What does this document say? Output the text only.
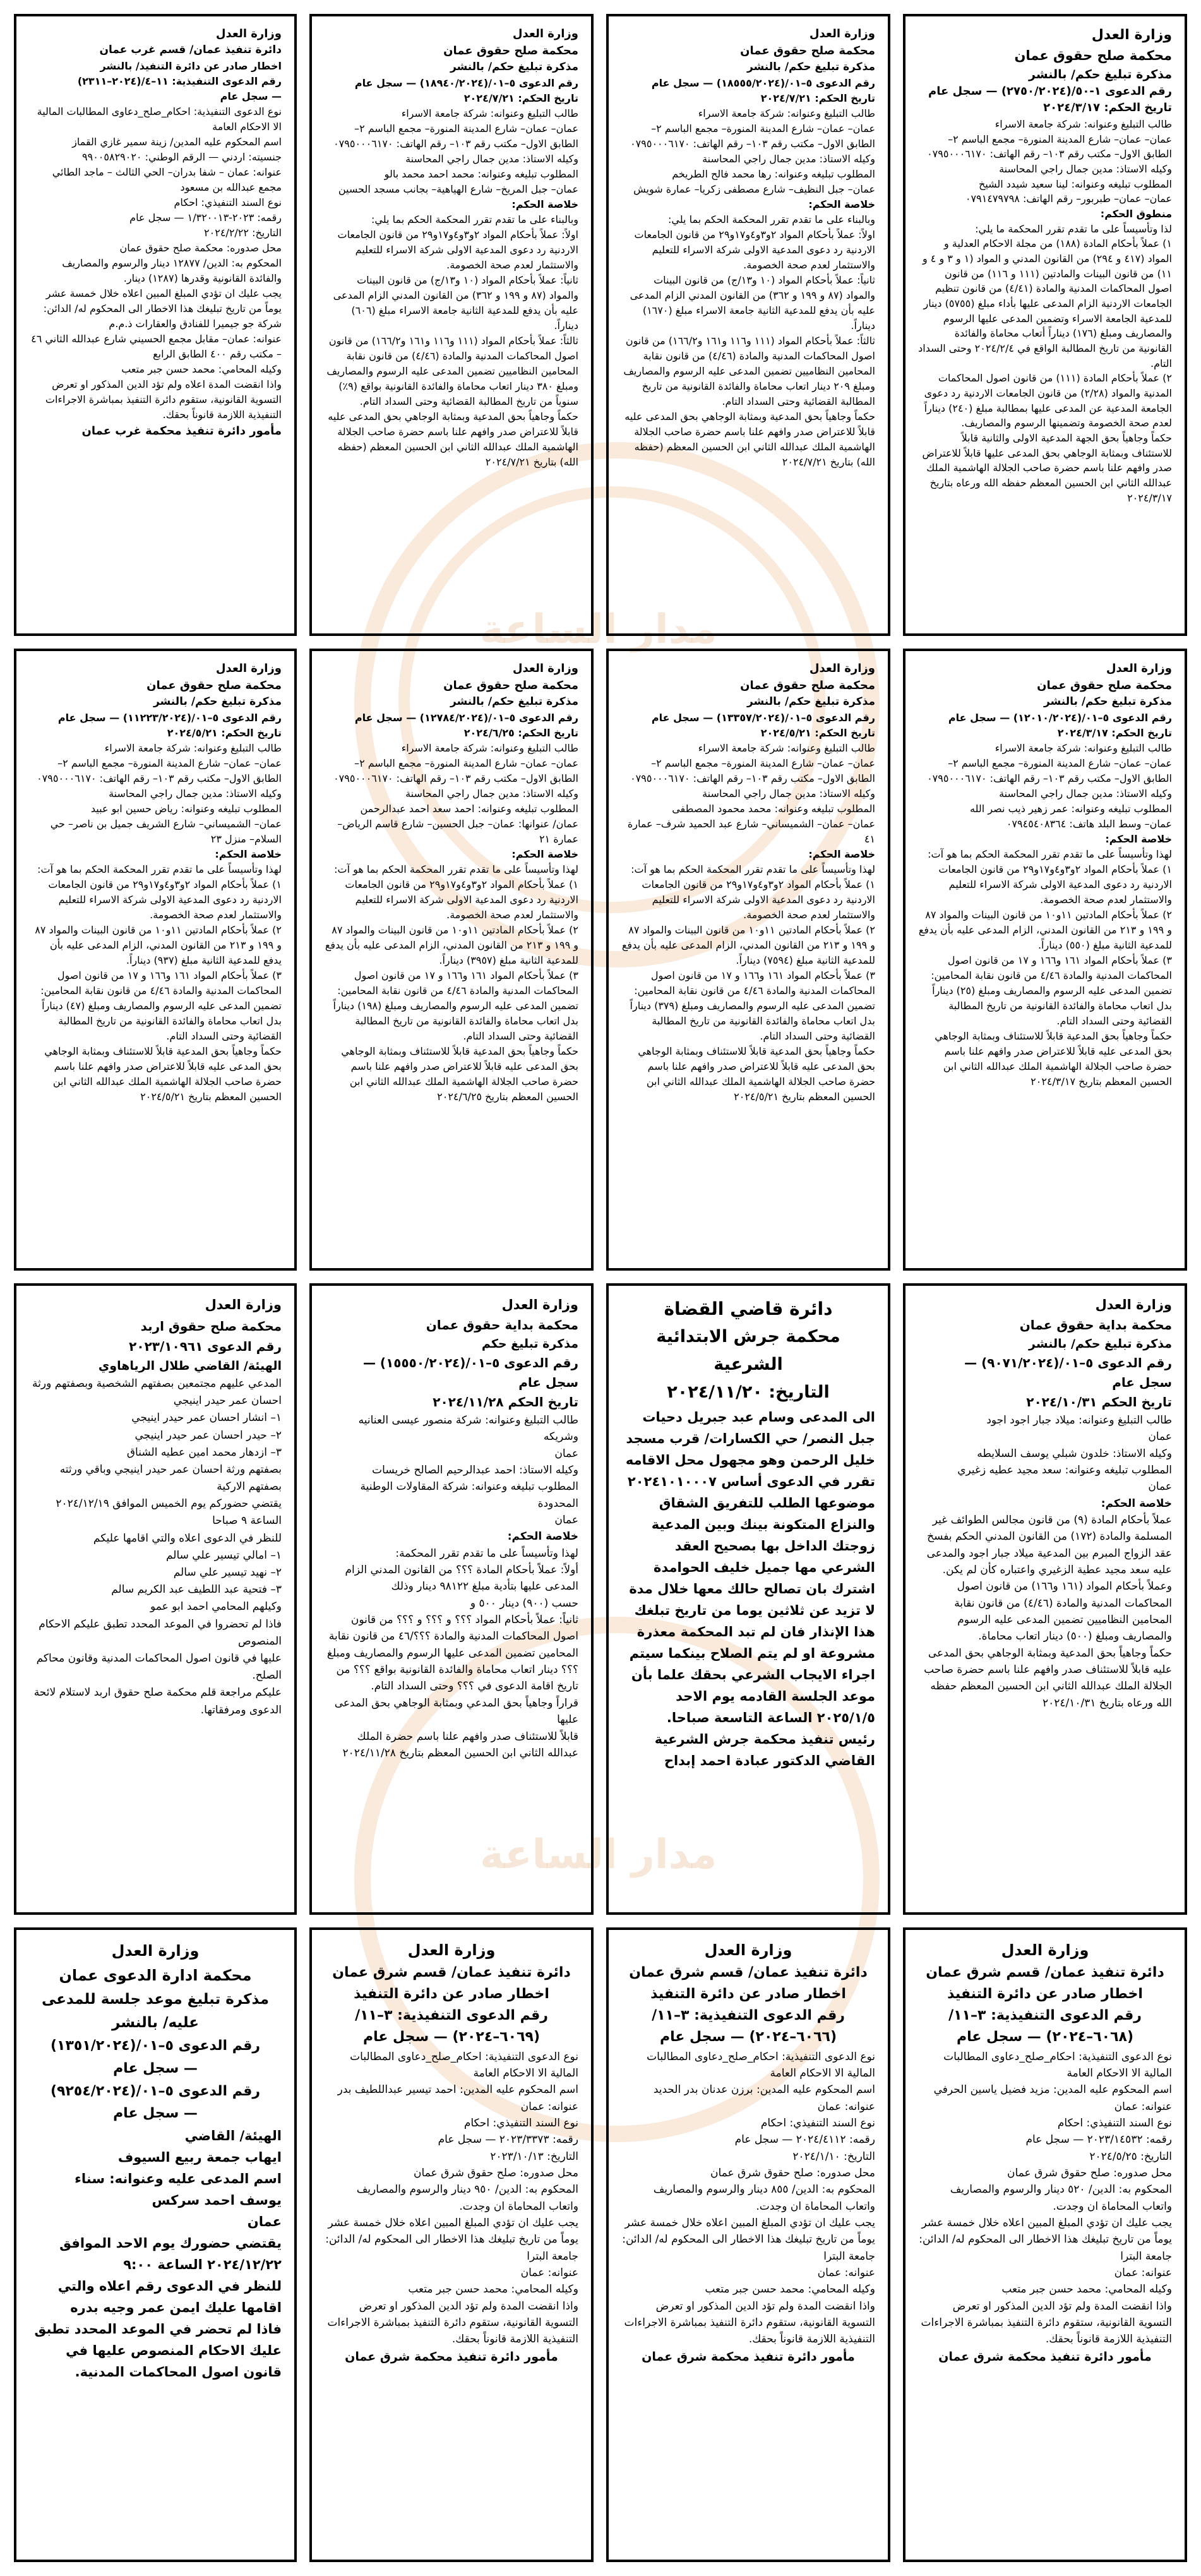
مدار الساعة
مدار الساعة
وزارة العدل
محكمة صلح حقوق عمان
مذكرة تبليغ حكم/ بالنشر
رقم الدعوى ١-٥٠/(٢٧٥٠/٢٠٢٤) — سجل عام
تاريخ الحكم: ٢٠٢٤/٣/١٧
طالب التبليغ وعنوانه: شركة جامعة الاسراء
عمان– عمان– شارع المدينة المنورة– مجمع الباسم ٢– الطابق الاول– مكتب رقم ١٠٣– رقم الهاتف: ٠٧٩٥٠٠٠٦١٧٠
وكيله الاستاذ: مدين جمال راجي المحاسنة
المطلوب تبليغه وعنوانه: لينا سعيد شيدد الشيخ
عمان– عمان– طبربور– رقم الهاتف: ٠٧٩١٤٧٩٧٩٨
منطوق الحكم:
لذا وتأسيساً على ما تقدم تقرر المحكمة ما يلي:
١) عملاً بأحكام المادة (١٨٨) من مجلة الاحكام العدلية و المواد (٤١٧ و ٢٩٤) من القانون المدني و المواد (١ و ٣ و ٤ و ١١) من قانون البينات والمادتين (١١١ و ١١٦) من قانون اصول المحاكمات المدنية والمادة (٤/٤١) من قانون تنظيم الجامعات الاردنية الزام المدعى عليها بأداء مبلغ (٥٧٥٥) دينار للمدعية الجامعة الاسراء وتضمين المدعى عليها الرسوم والمصاريف ومبلغ (١٧٦) ديناراً أتعاب محاماة والفائدة القانونية من تاريخ المطالبة الواقع في ٢٠٢٤/٢/٤ وحتى السداد التام.
٢) عملاً بأحكام المادة (١١١) من قانون اصول المحاكمات المدنية والمواد (٢/٢٨) من قانون الجامعات الاردنية رد دعوى الجامعة المدعية عن المدعى عليها بمطالبة مبلغ (٢٤٠) ديناراً لعدم صحة الخصومة وتضمينها الرسوم والمصاريف.
حكماً وجاهياً بحق الجهة المدعية الاولى والثانية قابلاً للاستئناف وبمثابة الوجاهي بحق المدعى عليها قابلاً للاعتراض صدر وافهم علنا باسم حضرة صاحب الجلالة الهاشمية الملك عبدالله الثاني ابن الحسين المعظم حفظه الله ورعاه بتاريخ ٢٠٢٤/٣/١٧
وزارة العدل
محكمة صلح حقوق عمان
مذكرة تبليغ حكم/ بالنشر
رقم الدعوى ٥–٠١/(١٨٥٥٥/٢٠٢٤) — سجل عام
تاريخ الحكم: ٢٠٢٤/٧/٢١
طالب التبليغ وعنوانه: شركة جامعة الاسراء
عمان– عمان– شارع المدينة المنورة– مجمع الباسم ٢– الطابق الاول– مكتب رقم ١٠٣– رقم الهاتف: ٠٧٩٥٠٠٠٦١٧٠
وكيله الاستاذ: مدين جمال راجي المحاسنة
المطلوب تبليغه وعنوانه: رها محمد فالح الطريخم
عمان– جبل النظيف– شارع مصطفى زكريا– عمارة شويش
خلاصة الحكم:
وبالبناء على ما تقدم تقرر المحكمة الحكم بما يلي:
اولاً: عملاً بأحكام المواد ٢و٣و٤و١٧و٢٩ من قانون الجامعات الاردنية رد دعوى المدعية الاولى شركة الاسراء للتعليم والاستثمار لعدم صحة الخصومة.
ثانياً: عملاً بأحكام المواد (١٠ و١٣/ج) من قانون البينات والمواد (٨٧ و ١٩٩ و ٣٦٢) من القانون المدني الزام المدعى عليه بأن يدفع للمدعية الثانية جامعة الاسراء مبلغ (١٦٧٠) ديناراً.
ثالثاً: عملاً بأحكام المواد (١١١ و١١٦ و١٦١ و١٦٦/٢) من قانون اصول المحاكمات المدنية والمادة (٤/٤٦) من قانون نقابة المحامين النظاميين تضمين المدعى عليه الرسوم والمصاريف ومبلغ ٢٠٩ دينار اتعاب محاماة والفائدة القانونية من تاريخ المطالبة القضائية وحتى السداد التام.
حكماً وجاهياً بحق المدعية وبمثابة الوجاهي بحق المدعى عليه قابلاً للاعتراض صدر وافهم علنا باسم حضرة صاحب الجلالة الهاشمية الملك عبدالله الثاني ابن الحسين المعظم (حفظه الله) بتاريخ ٢٠٢٤/٧/٢١
وزارة العدل
محكمة صلح حقوق عمان
مذكرة تبليغ حكم/ بالنشر
رقم الدعوى ٥–٠١/(١٨٩٤٠/٢٠٢٤) — سجل عام
تاريخ الحكم: ٢٠٢٤/٧/٢١
طالب التبليغ وعنوانه: شركة جامعة الاسراء
عمان– عمان– شارع المدينة المنورة– مجمع الباسم ٢– الطابق الاول– مكتب رقم ١٠٣– رقم الهاتف: ٠٧٩٥٠٠٠٦١٧٠
وكيله الاستاذ: مدين جمال راجي المحاسنة
المطلوب تبليغه وعنوانه: محمد احمد محمد بالو
عمان– جبل المريخ– شارع الهياهية– بجانب مسجد الحسين
خلاصة الحكم:
وبالبناء على ما تقدم تقرر المحكمة الحكم بما يلي:
اولاً: عملاً بأحكام المواد ٢و٣و٤و١٧و٢٩ من قانون الجامعات الاردنية رد دعوى المدعية الاولى شركة الاسراء للتعليم والاستثمار لعدم صحة الخصومة.
ثانياً: عملاً بأحكام المواد (١٠ و١٣/ج) من قانون البينات والمواد (٨٧ و ١٩٩ و ٣٦٢) من القانون المدني الزام المدعى عليه بأن يدفع للمدعية الثانية جامعة الاسراء مبلغ (٦٠٦) ديناراً.
ثالثاً: عملاً بأحكام المواد (١١١ و١١٦ و١٦١ و١٦٦/٢) من قانون اصول المحاكمات المدنية والمادة (٤/٤٦) من قانون نقابة المحامين النظاميين تضمين المدعى عليه الرسوم والمصاريف ومبلغ ٣٨٠ دينار اتعاب محاماة والفائدة القانونية بواقع (٩٪) سنوياً من تاريخ المطالبة القضائية وحتى السداد التام.
حكماً وجاهياً بحق المدعية وبمثابة الوجاهي بحق المدعى عليه قابلاً للاعتراض صدر وافهم علنا باسم حضرة صاحب الجلالة الهاشمية الملك عبدالله الثاني ابن الحسين المعظم (حفظه الله) بتاريخ ٢٠٢٤/٧/٢١
وزارة العدل
دائرة تنفيذ عمان/ قسم غرب عمان
اخطار صادر عن دائرة التنفيذ/ بالنشر
رقم الدعوى التنفيذية: ١١–٤/(٢٠٢٤–٢٣١١)
— سجل عام
نوع الدعوى التنفيذية: احكام_صلح_دعاوى المطالبات المالية الا الاحكام العامة
اسم المحكوم عليه المدين/ زينة سمير غازي القماز
جنسيته: اردني — الرقم الوطني: ٩٩٠٠٥٨٢٩٠٢٠
عنوانه: عمان – شفا بدران– الحي الثالث – ماجد الطائي مجمع عبدالله بن مسعود
نوع السند التنفيذي: احكام
رقمه: ٢٠٢٣-١/٣٢٠٠١٣ — سجل عام
التاريخ: ٢٠٢٤/٢/٢٢
محل صدوره: محكمة صلح حقوق عمان
المحكوم به: الدين/ ١٢٨٧٧ دينار والرسوم والمصاريف والفائدة القانونية وقدرها (١٢٨٧) دينار.
يجب عليك ان تؤدي المبلغ المبين اعلاه خلال خمسة عشر يوماً من تاريخ تبليغك هذا الاخطار الى المحكوم له/ الدائن: شركة جو جيميرا للفنادق والعقارات ذ.م.م
عنوانه: عمان– مقابل مجمع الحسيني شارع عبدالله الثاني ٤٦ – مكتب رقم ٤٠٠ الطابق الرابع
وكيله المحامي: محمد حسن جبر متعب
واذا انقضت المدة اعلاه ولم تؤد الدين المذكور او تعرض التسوية القانونية، ستقوم دائرة التنفيذ بمباشرة الاجراءات التنفيذية اللازمة قانوناً بحقك.
مأمور دائرة تنفيذ محكمة غرب عمان
وزارة العدل
محكمة صلح حقوق عمان
مذكرة تبليغ حكم/ بالنشر
رقم الدعوى ٥–٠١/(١٢٠١٠/٢٠٢٤) — سجل عام
تاريخ الحكم: ٢٠٢٤/٣/١٧
طالب التبليغ وعنوانه: شركة جامعة الاسراء
عمان– عمان– شارع المدينة المنورة– مجمع الباسم ٢– الطابق الاول– مكتب رقم ١٠٣– رقم الهاتف: ٠٧٩٥٠٠٠٦١٧٠
وكيله الاستاذ: مدين جمال راجي المحاسنة
المطلوب تبليغه وعنوانه: عمر زهير ذيب نصر الله
عمان– وسط البلد هاتف: ٠٧٩٤٥٤٠٨٣٦٤
خلاصة الحكم:
لهذا وتأسيساً على ما تقدم تقرر المحكمة الحكم بما هو آت:
١) عملاً بأحكام المواد ٢و٣و٤و١٧و٢٩ من قانون الجامعات الاردنية رد دعوى المدعية الاولى شركة الاسراء للتعليم والاستثمار لعدم صحة الخصومة.
٢) عملاً بأحكام المادتين ١١و١٠ من قانون البينات والمواد ٨٧ و ١٩٩ و ٢١٣ من القانون المدني، الزام المدعى عليه بأن يدفع للمدعية الثانية مبلغ (٥٥٠) ديناراً.
٣) عملاً بأحكام المواد ١٦١ و١٦٦ و ١٧ من قانون اصول المحاكمات المدنية والمادة ٤/٤٦ من قانون نقابة المحامين: تضمين المدعى عليه الرسوم والمصاريف ومبلغ (٢٥) ديناراً بدل اتعاب محاماة والفائدة القانونية من تاريخ المطالبة القضائية وحتى السداد التام.
حكماً وجاهياً بحق المدعية قابلاً للاستئناف وبمثابة الوجاهي بحق المدعى عليه قابلاً للاعتراض صدر وافهم علنا باسم حضرة صاحب الجلالة الهاشمية الملك عبدالله الثاني ابن الحسين المعظم بتاريخ ٢٠٢٤/٣/١٧
وزارة العدل
محكمة صلح حقوق عمان
مذكرة تبليغ حكم/ بالنشر
رقم الدعوى ٥–٠١/(١٣٣٥٧/٢٠٢٤) — سجل عام
تاريخ الحكم: ٢٠٢٤/٥/٢١
طالب التبليغ وعنوانه: شركة جامعة الاسراء
عمان– عمان– شارع المدينة المنورة– مجمع الباسم ٢– الطابق الاول– مكتب رقم ١٠٣– رقم الهاتف: ٠٧٩٥٠٠٠٦١٧٠
وكيله الاستاذ: مدين جمال راجي المحاسنة
المطلوب تبليغه وعنوانه: محمد محمود المصطفى
عمان– عمان– الشميساني– شارع عبد الحميد شرف– عمارة ٤١
خلاصة الحكم:
لهذا وتأسيساً على ما تقدم تقرر المحكمة الحكم بما هو آت:
١) عملاً بأحكام المواد ٢و٣و٤و١٧و٢٩ من قانون الجامعات الاردنية رد دعوى المدعية الاولى شركة الاسراء للتعليم والاستثمار لعدم صحة الخصومة.
٢) عملاً بأحكام المادتين ١١و١٠ من قانون البينات والمواد ٨٧ و ١٩٩ و ٢١٣ من القانون المدني، الزام المدعى عليه بأن يدفع للمدعية الثانية مبلغ (٧٥٩٤) ديناراً.
٣) عملاً بأحكام المواد ١٦١ و١٦٦ و ١٧ من قانون اصول المحاكمات المدنية والمادة ٤/٤٦ من قانون نقابة المحامين: تضمين المدعى عليه الرسوم والمصاريف ومبلغ (٣٧٩) ديناراً بدل اتعاب محاماة والفائدة القانونية من تاريخ المطالبة القضائية وحتى السداد التام.
حكماً وجاهياً بحق المدعية قابلاً للاستئناف وبمثابة الوجاهي بحق المدعى عليه قابلاً للاعتراض صدر وافهم علنا باسم حضرة صاحب الجلالة الهاشمية الملك عبدالله الثاني ابن الحسين المعظم بتاريخ ٢٠٢٤/٥/٢١
وزارة العدل
محكمة صلح حقوق عمان
مذكرة تبليغ حكم/ بالنشر
رقم الدعوى ٥–٠١/(١٢٧٨٤/٢٠٢٤) — سجل عام
تاريخ الحكم: ٢٠٢٤/٦/٢٥
طالب التبليغ وعنوانه: شركة جامعة الاسراء
عمان– عمان– شارع المدينة المنورة– مجمع الباسم ٢– الطابق الاول– مكتب رقم ١٠٣– رقم الهاتف: ٠٧٩٥٠٠٠٦١٧٠
وكيله الاستاذ: مدين جمال راجي المحاسنة
المطلوب تبليغه وعنوانه: احمد سعد احمد عبدالرحمن
عمان/ عنوانها: عمان– جبل الحسين– شارع قاسم الرياض– عمارة ٢١
خلاصة الحكم:
لهذا وتأسيساً على ما تقدم تقرر المحكمة الحكم بما هو آت:
١) عملاً بأحكام المواد ٢و٣و٤و١٧و٢٩ من قانون الجامعات الاردنية رد دعوى المدعية الاولى شركة الاسراء للتعليم والاستثمار لعدم صحة الخصومة.
٢) عملاً بأحكام المادتين ١١و١٠ من قانون البينات والمواد ٨٧ و ١٩٩ و ٢١٣ من القانون المدني، الزام المدعى عليه بأن يدفع للمدعية الثانية مبلغ (٣٩٥٧) ديناراً.
٣) عملاً بأحكام المواد ١٦١ و١٦٦ و ١٧ من قانون اصول المحاكمات المدنية والمادة ٤/٤٦ من قانون نقابة المحامين: تضمين المدعى عليه الرسوم والمصاريف ومبلغ (١٩٨) ديناراً بدل اتعاب محاماة والفائدة القانونية من تاريخ المطالبة القضائية وحتى السداد التام.
حكماً وجاهياً بحق المدعية قابلاً للاستئناف وبمثابة الوجاهي بحق المدعى عليه قابلاً للاعتراض صدر وافهم علنا باسم حضرة صاحب الجلالة الهاشمية الملك عبدالله الثاني ابن الحسين المعظم بتاريخ ٢٠٢٤/٦/٢٥
وزارة العدل
محكمة صلح حقوق عمان
مذكرة تبليغ حكم/ بالنشر
رقم الدعوى ٥–٠١/(١١٢٢٣/٢٠٢٤) — سجل عام
تاريخ الحكم: ٢٠٢٤/٥/٢١
طالب التبليغ وعنوانه: شركة جامعة الاسراء
عمان– عمان– شارع المدينة المنورة– مجمع الباسم ٢– الطابق الاول– مكتب رقم ١٠٣– رقم الهاتف: ٠٧٩٥٠٠٠٦١٧٠
وكيله الاستاذ: مدين جمال راجي المحاسنة
المطلوب تبليغه وعنوانه: رياض حسين ابو عبيد
عمان– الشميساني– شارع الشريف جميل بن ناصر– حي السلام– منزل ٢٣
خلاصة الحكم:
لهذا وتأسيساً على ما تقدم تقرر المحكمة الحكم بما هو آت:
١) عملاً بأحكام المواد ٢و٣و٤و١٧و٢٩ من قانون الجامعات الاردنية رد دعوى المدعية الاولى شركة الاسراء للتعليم والاستثمار لعدم صحة الخصومة.
٢) عملاً بأحكام المادتين ١١و١٠ من قانون البينات والمواد ٨٧ و ١٩٩ و ٢١٣ من القانون المدني، الزام المدعى عليه بأن يدفع للمدعية الثانية مبلغ (٩٣٧) ديناراً.
٣) عملاً بأحكام المواد ١٦١ و١٦٦ و ١٧ من قانون اصول المحاكمات المدنية والمادة ٤/٤٦ من قانون نقابة المحامين: تضمين المدعى عليه الرسوم والمصاريف ومبلغ (٤٧) ديناراً بدل اتعاب محاماة والفائدة القانونية من تاريخ المطالبة القضائية وحتى السداد التام.
حكماً وجاهياً بحق المدعية قابلاً للاستئناف وبمثابة الوجاهي بحق المدعى عليه قابلاً للاعتراض صدر وافهم علنا باسم حضرة صاحب الجلالة الهاشمية الملك عبدالله الثاني ابن الحسين المعظم بتاريخ ٢٠٢٤/٥/٢١
وزارة العدل
محكمة بداية حقوق عمان
مذكرة تبليغ حكم/ بالنشر
رقم الدعوى ٥–٠١/(٩٠٧١/٢٠٢٤) —
سجل عام
تاريخ الحكم ٢٠٢٤/١٠/٣١
طالب التبليغ وعنوانه: ميلاد جبار اجود اجود
عمان
وكيله الاستاذ: خلدون شبلي يوسف السلايطه
المطلوب تبليغه وعنوانه: سعد مجيد عطيه زغيري
عمان
خلاصة الحكم:
عملاً بأحكام المادة (٩) من قانون مجالس الطوائف غير المسلمة والمادة (١٧٢) من القانون المدني الحكم بفسخ عقد الزواج المبرم بين المدعية ميلاد جبار اجود والمدعى عليه سعد مجيد عطية الزغيري واعتباره كأن لم يكن.
وعملاً بأحكام المواد (١٦١ و١٦٦) من قانون اصول المحاكمات المدنية والمادة (٤/٤٦) من قانون نقابة المحامين النظاميين تضمين المدعى عليه الرسوم والمصاريف ومبلغ (٥٠٠) دينار اتعاب محاماة.
حكماً وجاهياً بحق المدعية وبمثابة الوجاهي بحق المدعى عليه قابلاً للاستئناف صدر وافهم علنا باسم حضرة صاحب الجلالة الملك عبدالله الثاني ابن الحسين المعظم حفظه الله ورعاه بتاريخ ٢٠٢٤/١٠/٣١
دائرة قاضي القضاة
محكمة جرش الابتدائية الشرعية
التاريخ: ٢٠٢٤/١١/٢٠
الى المدعى وسام عبد جبريل دحيات
جبل النصر/ حي الكسارات/ قرب مسجد خليل الرحمن وهو مجهول محل الاقامه
تقرر في الدعوى أساس ٢٠٢٤١٠١٠٠٠٧
موضوعها الطلب للتفريق الشقاق والنزاع المتكونة بينك وبين المدعية زوجتك الداخل بها بصحيح العقد الشرعي مها جميل خليف الحوامدة اشترك بان تصالح حالك معها خلال مدة لا تزيد عن ثلاثين يوما من تاريخ تبلغك هذا الإنذار فان لم تبد المحكمة معذرة مشروعة او لم يتم الصلاح بينكما سيتم اجراء الايجاب الشرعي بحقك علما بأن موعد الجلسة القادمه يوم الاحد ٢٠٢٥/١/٥ الساعة التاسعة صباحا.
رئيس تنفيذ محكمة جرش الشرعية
القاضي الدكتور عبادة احمد إبداح
وزارة العدل
محكمة بداية حقوق عمان
مذكرة تبليغ حكم
رقم الدعوى ٥–٠١/(١٥٥٥٠/٢٠٢٤) —
سجل عام
تاريخ الحكم ٢٠٢٤/١١/٢٨
طالب التبليغ وعنوانه: شركة منصور عيسى العنانيه وشريكه
عمان
وكيله الاستاذ: احمد عبدالرحيم الصالح خريسات
المطلوب تبليغه وعنوانه: شركة المقاولات الوطنية المحدودة
عمان
خلاصة الحكم:
لهذا وتأسيساً على ما تقدم تقرر المحكمة:
أولاً: عملاً بأحكام المادة ؟؟؟ من القانون المدني الزام المدعى عليها بتأدية مبلغ ٩٨١٢٢ دينار وذلك
حسب (٩٠٠) دينار ٥٠٠ و
ثانياً: عملاً بأحكام المواد ؟؟؟ و ؟؟؟ و ؟؟؟ من قانون اصول المحاكمات المدنية والمادة ؟؟؟/٤٦ من قانون نقابة المحامين تضمين المدعى عليها الرسوم والمصاريف ومبلغ ؟؟؟ دينار اتعاب محاماة والفائدة القانونية بواقع ؟؟؟ من تاريخ اقامة الدعوى في ؟؟؟ وحتى السداد التام.
قراراً وجاهياً بحق المدعي وبمثابة الوجاهي بحق المدعى عليها
قابلاً للاستئناف صدر وافهم علنا باسم حضرة الملك عبدالله الثاني ابن الحسين المعظم بتاريخ ٢٠٢٤/١١/٢٨
وزارة العدل
محكمة صلح حقوق اربد
رقم الدعوى ٢٠٢٣/١٠٩٦١
الهيئة/ القاضي طلال الرياهاوي
المدعي عليهم مجتمعين بصفتهم الشخصية وبصفتهم ورثة احسان عمر حيدر اينيجي
١– انشار احسان عمر حيدر اينيجي
٢– حيدر احسان عمر حيدر اينيجي
٣– ازدهار محمد امين عطيه الشناق
بصفتهم ورثة احسان عمر حيدر اينيجي وباقي ورثته بصفتهم الاركية
يقتضي حضوركم يوم الخميس الموافق ٢٠٢٤/١٢/١٩
الساعة ٩ صباحا
للنظر في الدعوى اعلاه والتي اقامها عليكم
١– امالي تيسير علي سالم
٢– نهيد تيسير علي سالم
٣– فتحية عبد اللطيف عبد الكريم سالم
وكيلهم المحامي احمد ابو عمو
فاذا لم تحضروا في الموعد المحدد تطبق عليكم الاحكام المنصوص
عليها في قانون اصول المحاكمات المدنية وقانون محاكم الصلح.
عليكم مراجعة قلم محكمة صلح حقوق اربد لاستلام لائحة الدعوى ومرفقاتها.
وزارة العدل
دائرة تنفيذ عمان/ قسم شرق عمان
اخطار صادر عن دائرة التنفيذ
رقم الدعوى التنفيذية: ٣–١١/
(٦٠٦٨–٢٠٢٤) — سجل عام
نوع الدعوى التنفيذية: احكام_صلح_دعاوى المطالبات المالية الا الاحكام العامة
اسم المحكوم عليه المدين: مزيد فضيل ياسين الحرفي
عنوانه: عمان
نوع السند التنفيذي: احكام
رقمه: ٢٠٢٣/١٤٥٣٢ — سجل عام
التاريخ: ٢٠٢٤/٥/٢٥
محل صدوره: صلح حقوق شرق عمان
المحكوم به: الدين/ ٥٢٠ دينار والرسوم والمصاريف واتعاب المحاماة ان وجدت.
يجب عليك ان تؤدي المبلغ المبين اعلاه خلال خمسة عشر يوماً من تاريخ تبليغك هذا الاخطار الى المحكوم له/ الدائن: جامعة البترا
عنوانه: عمان
وكيله المحامي: محمد حسن جبر متعب
واذا انقضت المدة ولم تؤد الدين المذكور او تعرض التسوية القانونية، ستقوم دائرة التنفيذ بمباشرة الاجراءات التنفيذية اللازمة قانوناً بحقك.
مأمور دائرة تنفيذ محكمة شرق عمان
وزارة العدل
دائرة تنفيذ عمان/ قسم شرق عمان
اخطار صادر عن دائرة التنفيذ
رقم الدعوى التنفيذية: ٣–١١/
(٦٠٦٦–٢٠٢٤) — سجل عام
نوع الدعوى التنفيذية: احكام_صلح_دعاوى المطالبات المالية الا الاحكام العامة
اسم المحكوم عليه المدين: برزن عدنان بدر الحديد
عنوانه: عمان
نوع السند التنفيذي: احكام
رقمه: ٢٠٢٤/٤١١٢ — سجل عام
التاريخ: ٢٠٢٤/١/١٠
محل صدوره: صلح حقوق شرق عمان
المحكوم به: الدين/ ٨٥٥ دينار والرسوم والمصاريف واتعاب المحاماة ان وجدت.
يجب عليك ان تؤدي المبلغ المبين اعلاه خلال خمسة عشر يوماً من تاريخ تبليغك هذا الاخطار الى المحكوم له/ الدائن: جامعة البترا
عنوانه: عمان
وكيله المحامي: محمد حسن جبر متعب
واذا انقضت المدة ولم تؤد الدين المذكور او تعرض التسوية القانونية، ستقوم دائرة التنفيذ بمباشرة الاجراءات التنفيذية اللازمة قانوناً بحقك.
مأمور دائرة تنفيذ محكمة شرق عمان
وزارة العدل
دائرة تنفيذ عمان/ قسم شرق عمان
اخطار صادر عن دائرة التنفيذ
رقم الدعوى التنفيذية: ٣–١١/
(٦٠٦٩–٢٠٢٤) — سجل عام
نوع الدعوى التنفيذية: احكام_صلح_دعاوى المطالبات المالية الا الاحكام العامة
اسم المحكوم عليه المدين: احمد تيسير عبداللطيف بدر
عنوانه: عمان
نوع السند التنفيذي: احكام
رقمه: ٢٠٢٣/٣٣٧٣ — سجل عام
التاريخ: ٢٠٢٣/١٠/١٣
محل صدوره: صلح حقوق شرق عمان
المحكوم به: الدين/ ٩٥٠ دينار والرسوم والمصاريف واتعاب المحاماة ان وجدت.
يجب عليك ان تؤدي المبلغ المبين اعلاه خلال خمسة عشر يوماً من تاريخ تبليغك هذا الاخطار الى المحكوم له/ الدائن: جامعة البترا
عنوانه: عمان
وكيله المحامي: محمد حسن جبر متعب
واذا انقضت المدة ولم تؤد الدين المذكور او تعرض التسوية القانونية، ستقوم دائرة التنفيذ بمباشرة الاجراءات التنفيذية اللازمة قانوناً بحقك.
مأمور دائرة تنفيذ محكمة شرق عمان
وزارة العدل
محكمة ادارة الدعوى عمان
مذكرة تبليغ موعد جلسة للمدعى عليه/ بالنشر
رقم الدعوى ٥–٠١/(١٣٥١/٢٠٢٤)
— سجل عام
رقم الدعوى ٥–٠١/(٩٢٥٤/٢٠٢٤)
— سجل عام
الهيئة/ القاضي
ايهاب جمعة ربيع السيوف
اسم المدعى عليه وعنوانه: سناء يوسف احمد سركس
عمان
يقتضي حضورك يوم الاحد الموافق ٢٠٢٤/١٢/٢٢ الساعة ٩:٠٠
للنظر في الدعوى رقم اعلاه والتي اقامها عليك ايمن عمر وجيه بدره
فاذا لم تحضر في الموعد المحدد تطبق عليك الاحكام المنصوص عليها في قانون اصول المحاكمات المدنية.
